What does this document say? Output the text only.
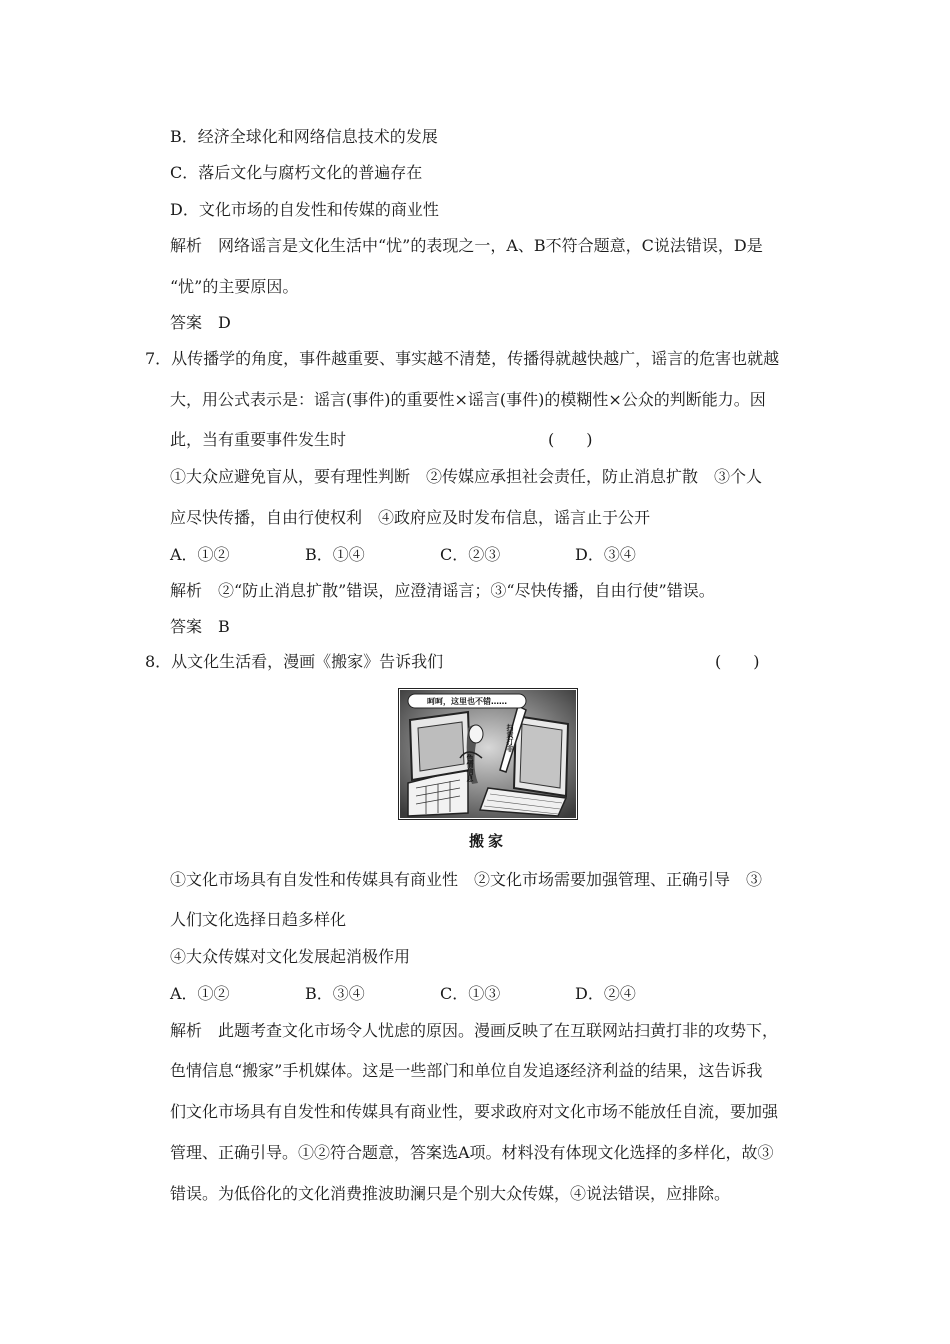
B．经济全球化和网络信息技术的发展
C．落后文化与腐朽文化的普遍存在
D．文化市场的自发性和传媒的商业性
解析　网络谣言是文化生活中“忧”的表现之一，A、B不符合题意，C说法错误，D是
“忧”的主要原因。
答案　D
7．从传播学的角度，事件越重要、事实越不清楚，传播得就越快越广，谣言的危害也就越
大，用公式表示是：谣言(事件)的重要性×谣言(事件)的模糊性×公众的判断能力。因
此，当有重要事件发生时	(　　)
①大众应避免盲从，要有理性判断　②传媒应承担社会责任，防止消息扩散　③个人
应尽快传播，自由行使权利　④政府应及时发布信息，谣言止于公开
A．①②	B．①④	C．②③	D．③④
解析　②“防止消息扩散”错误，应澄清谣言；③“尽快传播，自由行使”错误。
答案　B
8．从文化生活看，漫画《搬家》告诉我们	(　　)
呵呵，这里也不错……
色情信息
扫黄打非
搬家
①文化市场具有自发性和传媒具有商业性　②文化市场需要加强管理、正确引导　③
人们文化选择日趋多样化
④大众传媒对文化发展起消极作用
A．①②	B．③④	C．①③	D．②④
解析　此题考查文化市场令人忧虑的原因。漫画反映了在互联网站扫黄打非的攻势下，
色情信息“搬家”手机媒体。这是一些部门和单位自发追逐经济利益的结果，这告诉我
们文化市场具有自发性和传媒具有商业性，要求政府对文化市场不能放任自流，要加强
管理、正确引导。①②符合题意，答案选A项。材料没有体现文化选择的多样化，故③
错误。为低俗化的文化消费推波助澜只是个别大众传媒，④说法错误，应排除。
